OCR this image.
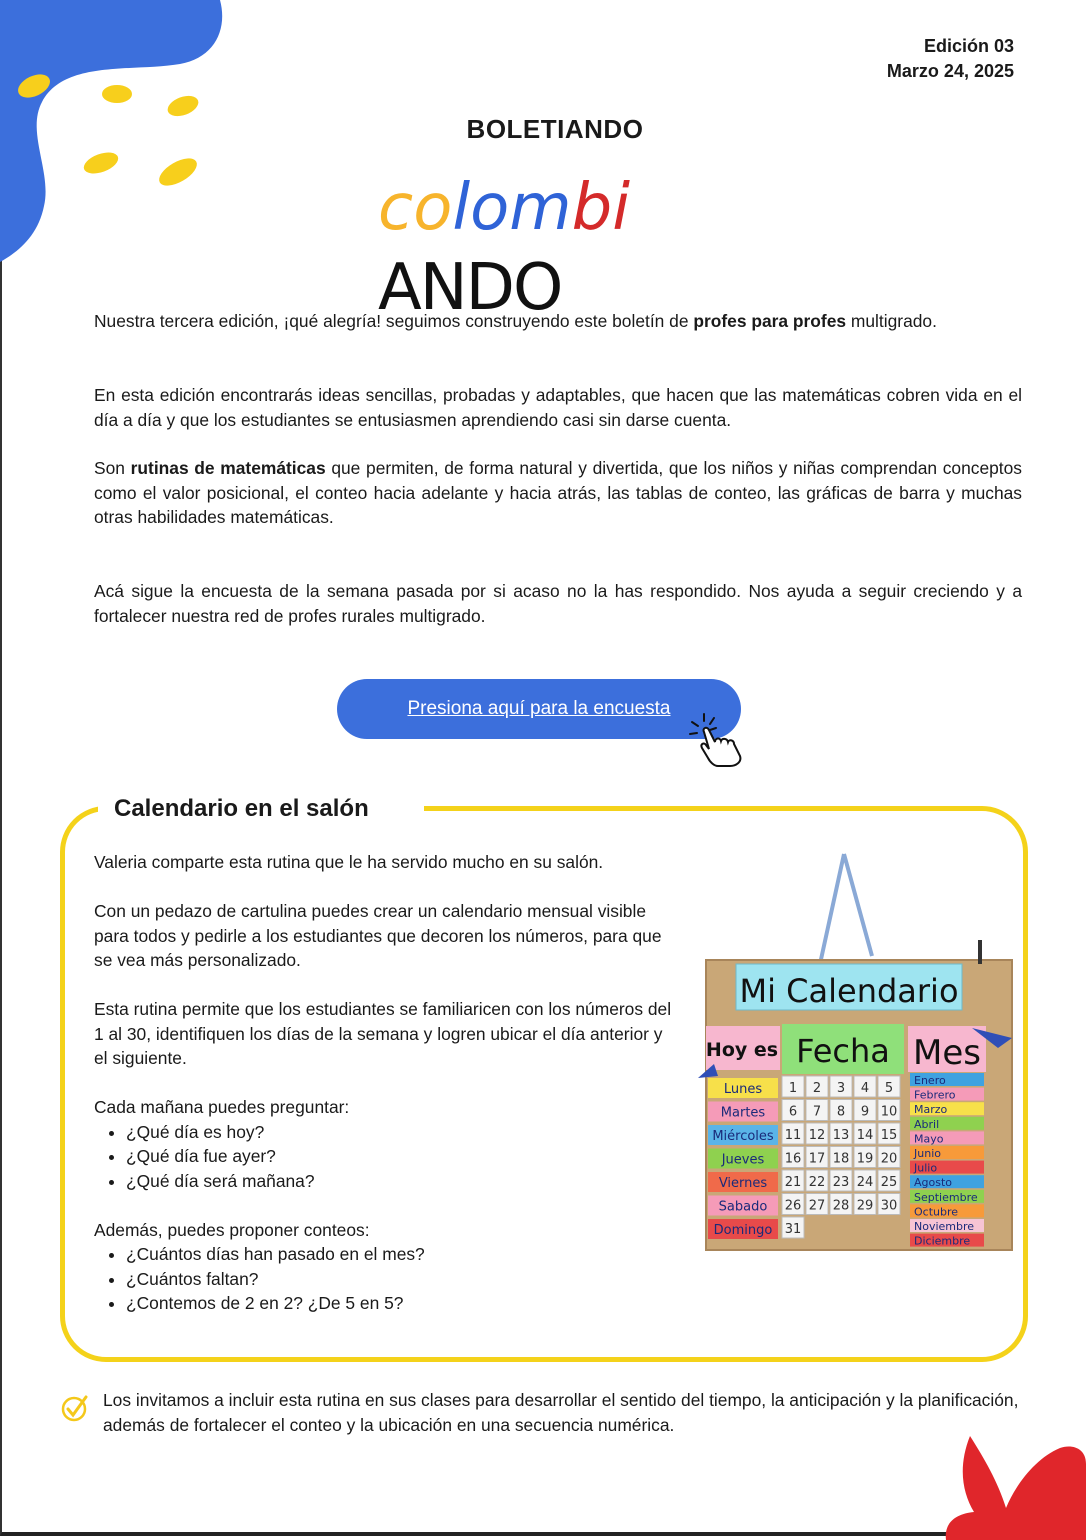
Edición 03
Marzo 24, 2025
BOLETIANDO
colombiANDO

Nuestra tercera edición, ¡qué alegría! seguimos construyendo este boletín de profes para profes multigrado.

En esta edición encontrarás ideas sencillas, probadas y adaptables, que hacen que las matemáticas cobren vida en el día a día y que los estudiantes se entusiasmen aprendiendo casi sin darse cuenta.

Son rutinas de matemáticas que permiten, de forma natural y divertida, que los niños y niñas comprendan conceptos como el valor posicional, el conteo hacia adelante y hacia atrás, las tablas de conteo, las gráficas de barra y muchas otras habilidades matemáticas.

Acá sigue la encuesta de la semana pasada por si acaso no la has respondido. Nos ayuda a seguir creciendo y a fortalecer nuestra red de profes rurales multigrado.

Presiona aquí para la encuesta
Calendario en el salón

Valeria comparte esta rutina que le ha servido mucho en su salón.

Con un pedazo de cartulina puedes crear un calendario mensual visible para todos y pedirle a los estudiantes que decoren los números, para que se vea más personalizado.

Esta rutina permite que los estudiantes se familiaricen con los números del 1 al 30, identifiquen los días de la semana y logren ubicar el día anterior y el siguiente.

Cada mañana puedes preguntar:

• ¿Qué día es hoy?
• ¿Qué día fue ayer?
• ¿Qué día será mañana?

Además, puedes proponer conteos:

• ¿Cuántos días han pasado en el mes?
• ¿Cuántos faltan?
• ¿Contemos de 2 en 2? ¿De 5 en 5?
Mi Calendario
Hoy es Fecha Mes
Lunes
Martes
Miércoles
Jueves
Viernes
Sabado
Domingo
1 2 3 4 5
6 7 8 9 10
11 12 13 14 15
16 17 18 19 20
21 22 23 24 25
26 27 28 29 30
31
Enero
Febrero
Marzo
Abril
Mayo
Junio
Julio
Agosto
Septiembre
Octubre
Noviembre
Diciembre

Los invitamos a incluir esta rutina en sus clases para desarrollar el sentido del tiempo, la anticipación y la planificación, además de fortalecer el conteo y la ubicación en una secuencia numérica.
